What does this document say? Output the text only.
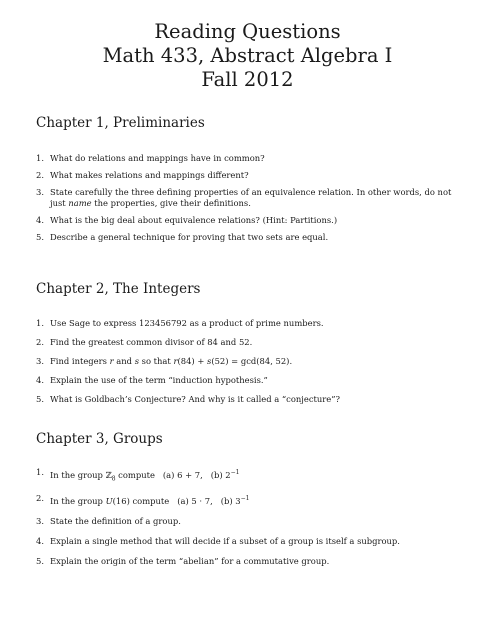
Reading Questions
Math 433, Abstract Algebra I
Fall 2012
Chapter 1, Preliminaries
1. What do relations and mappings have in common?
2. What makes relations and mappings different?
3. State carefully the three defining properties of an equivalence relation. In other words, do not just name the properties, give their definitions.
4. What is the big deal about equivalence relations? (Hint: Partitions.)
5. Describe a general technique for proving that two sets are equal.
Chapter 2, The Integers
1. Use Sage to express 123456792 as a product of prime numbers.
2. Find the greatest common divisor of 84 and 52.
3. Find integers r and s so that r(84) + s(52) = gcd(84, 52).
4. Explain the use of the term “induction hypothesis.”
5. What is Goldbach’s Conjecture? And why is it called a “conjecture”?
Chapter 3, Groups
1. In the group ℤ$_8$ compute   (a) 6 + 7,   (b) $2^{-1}$
2. In the group U(16) compute   (a) 5 · 7,   (b) $3^{-1}$
3. State the definition of a group.
4. Explain a single method that will decide if a subset of a group is itself a subgroup.
5. Explain the origin of the term “abelian” for a commutative group.
